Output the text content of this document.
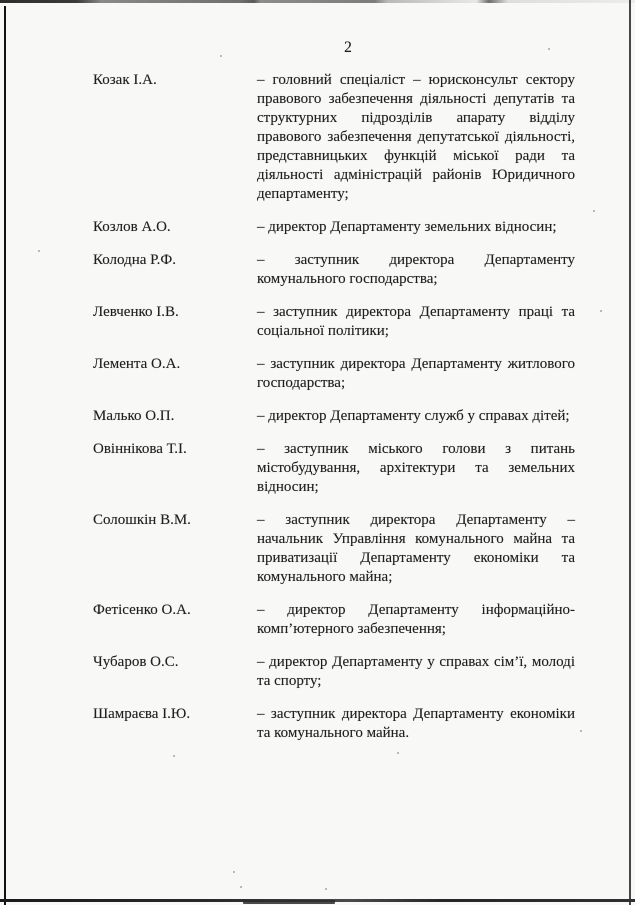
2
Козак І.А.	– головний спеціаліст – юрисконсульт сектору правового забезпечення діяльності депутатів та структурних підрозділів апарату відділу правового забезпечення депутатської діяльності, представницьких функцій міської ради та діяльності адміністрацій районів Юридичного департаменту;
Козлов А.О.	– директор Департаменту земельних відносин;
Колодна Р.Ф.	– заступник директора Департаменту комунального господарства;
Левченко І.В.	– заступник директора Департаменту праці та соціальної політики;
Лемента О.А.	– заступник директора Департаменту житлового господарства;
Малько О.П.	– директор Департаменту служб у справах дітей;
Овіннікова Т.І.	– заступник міського голови з питань містобудування, архітектури та земельних відносин;
Солошкін В.М.	– заступник директора Департаменту – начальник Управління комунального майна та приватизації Департаменту економіки та комунального майна;
Фетісенко О.А.	– директор Департаменту інформаційно-комп’ютерного забезпечення;
Чубаров О.С.	– директор Департаменту у справах сім’ї, молоді та спорту;
Шамраєва І.Ю.	– заступник директора Департаменту економіки та комунального майна.
